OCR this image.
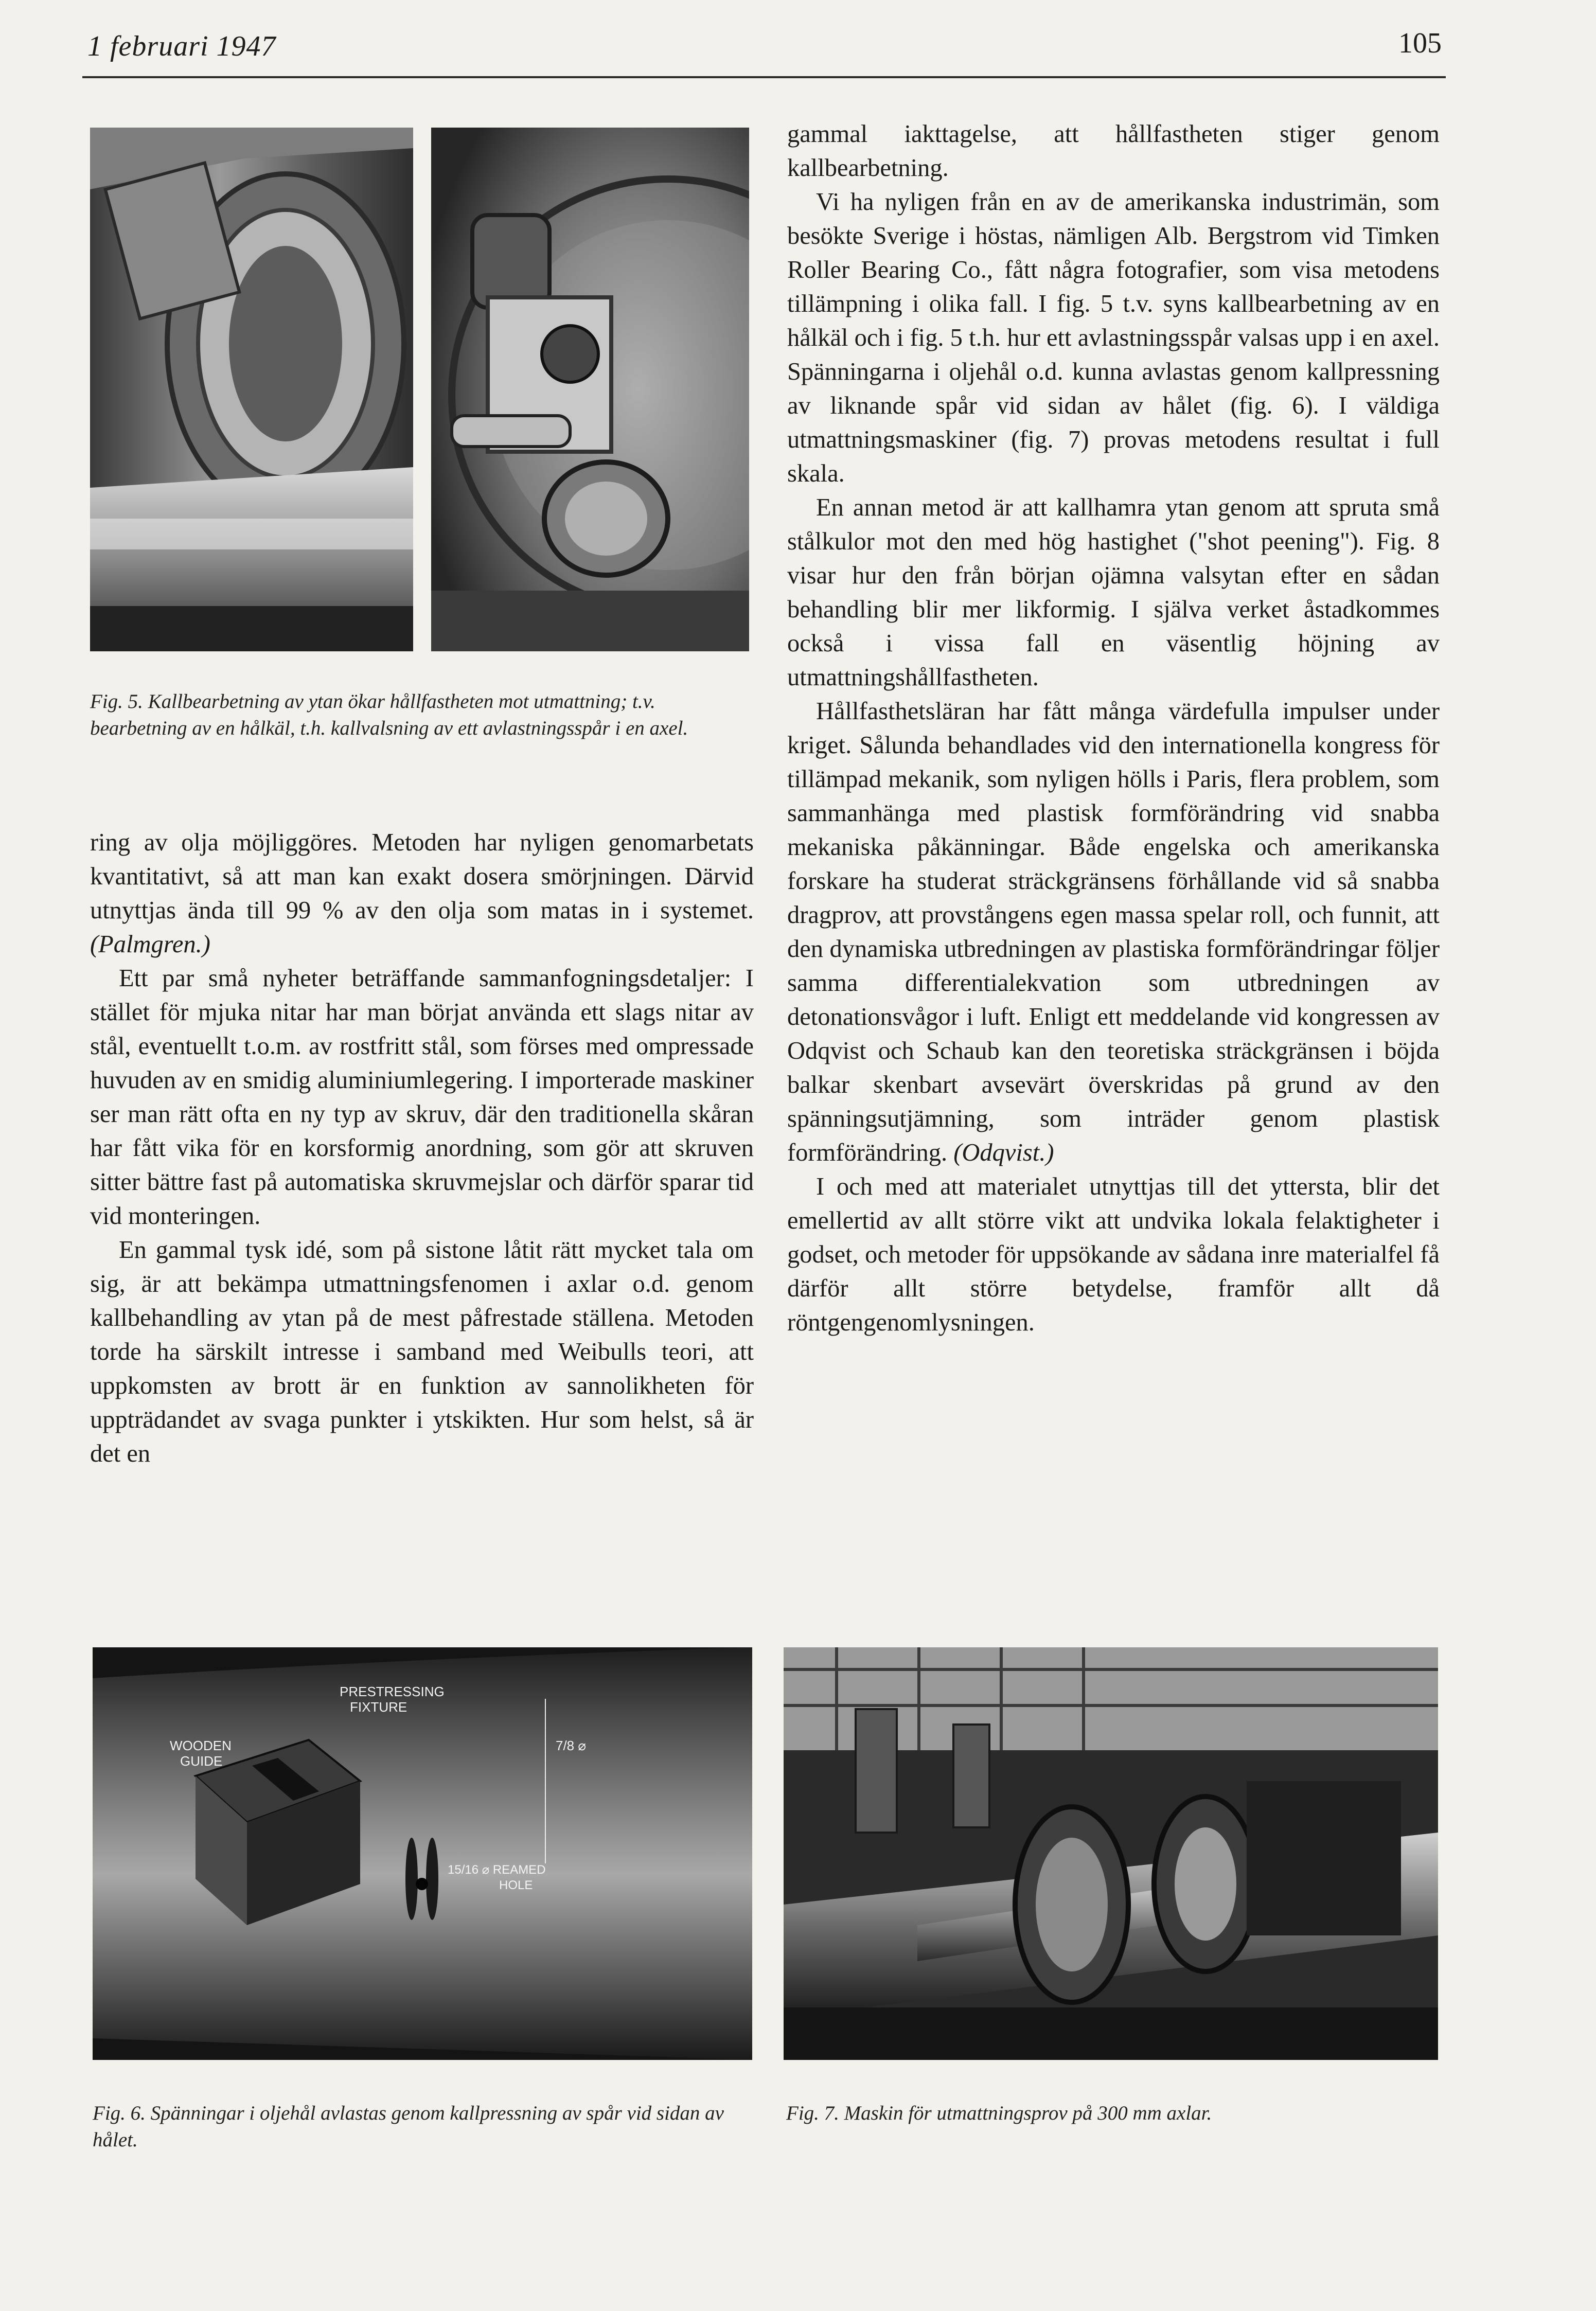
1 februari 1947	105
Fig. 5. Kallbearbetning av ytan ökar hållfastheten mot utmattning; t.v. bearbetning av en hålkäl, t.h. kallvalsning av ett avlastningsspår i en axel.

ring av olja möjliggöres. Metoden har nyligen genomarbetats kvantitativt, så att man kan exakt dosera smörjningen. Därvid utnyttjas ända till 99 % av den olja som matas in i systemet. (Palmgren.)

Ett par små nyheter beträffande sammanfogningsdetaljer: I stället för mjuka nitar har man börjat använda ett slags nitar av stål, eventuellt t.o.m. av rostfritt stål, som förses med ompressade huvuden av en smidig aluminiumlegering. I importerade maskiner ser man rätt ofta en ny typ av skruv, där den traditionella skåran har fått vika för en korsformig anordning, som gör att skruven sitter bättre fast på automatiska skruvmejslar och därför sparar tid vid monteringen.

En gammal tysk idé, som på sistone låtit rätt mycket tala om sig, är att bekämpa utmattningsfenomen i axlar o.d. genom kallbehandling av ytan på de mest påfrestade ställena. Metoden torde ha särskilt intresse i samband med Weibulls teori, att uppkomsten av brott är en funktion av sannolikheten för uppträdandet av svaga punkter i ytskikten. Hur som helst, så är det en

gammal iakttagelse, att hållfastheten stiger genom kallbearbetning.

Vi ha nyligen från en av de amerikanska industrimän, som besökte Sverige i höstas, nämligen Alb. Bergstrom vid Timken Roller Bearing Co., fått några fotografier, som visa metodens tillämpning i olika fall. I fig. 5 t.v. syns kallbearbetning av en hålkäl och i fig. 5 t.h. hur ett avlastningsspår valsas upp i en axel. Spänningarna i oljehål o.d. kunna avlastas genom kallpressning av liknande spår vid sidan av hålet (fig. 6). I väldiga utmattningsmaskiner (fig. 7) provas metodens resultat i full skala.

En annan metod är att kallhamra ytan genom att spruta små stålkulor mot den med hög hastighet ("shot peening"). Fig. 8 visar hur den från början ojämna valsytan efter en sådan behandling blir mer likformig. I själva verket åstadkommes också i vissa fall en väsentlig höjning av utmattningshållfastheten.

Hållfasthetsläran har fått många värdefulla impulser under kriget. Sålunda behandlades vid den internationella kongress för tillämpad mekanik, som nyligen hölls i Paris, flera problem, som sammanhänga med plastisk formförändring vid snabba mekaniska påkänningar. Både engelska och amerikanska forskare ha studerat sträckgränsens förhållande vid så snabba dragprov, att provstångens egen massa spelar roll, och funnit, att den dynamiska utbredningen av plastiska formförändringar följer samma differentialekvation som utbredningen av detonationsvågor i luft. Enligt ett meddelande vid kongressen av Odqvist och Schaub kan den teoretiska sträckgränsen i böjda balkar skenbart avsevärt överskridas på grund av den spänningsutjämning, som inträder genom plastisk formförändring. (Odqvist.)

I och med att materialet utnyttjas till det yttersta, blir det emellertid av allt större vikt att undvika lokala felaktigheter i godset, och metoder för uppsökande av sådana inre materialfel få därför allt större betydelse, framför allt då röntgengenomlysningen.

PRESTRESSING
FIXTURE
WOODEN
GUIDE
7/8 ⌀
15/16 ⌀ REAMED
HOLE
Fig. 6. Spänningar i oljehål avlastas genom kallpressning av spår vid sidan av hålet.
Fig. 7. Maskin för utmattningsprov på 300 mm axlar.
